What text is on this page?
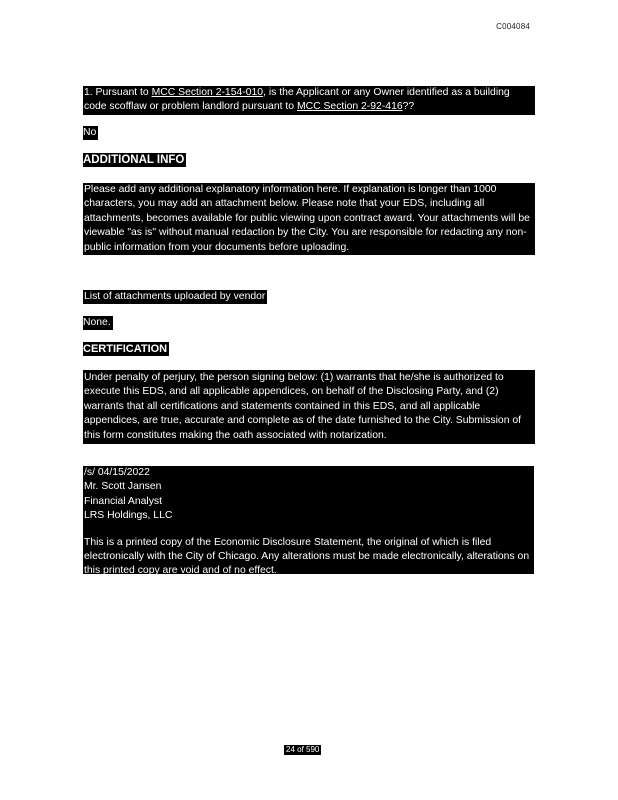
C004084
1. Pursuant to MCC Section 2-154-010, is the Applicant or any Owner identified as a building code scofflaw or problem landlord pursuant to MCC Section 2-92-416??
No
ADDITIONAL INFO
Please add any additional explanatory information here. If explanation is longer than 1000 characters, you may add an attachment below. Please note that your EDS, including all attachments, becomes available for public viewing upon contract award. Your attachments will be viewable "as is" without manual redaction by the City. You are responsible for redacting any non-public information from your documents before uploading.
List of attachments uploaded by vendor
None.
CERTIFICATION
Under penalty of perjury, the person signing below: (1) warrants that he/she is authorized to execute this EDS, and all applicable appendices, on behalf of the Disclosing Party, and (2) warrants that all certifications and statements contained in this EDS, and all applicable appendices, are true, accurate and complete as of the date furnished to the City. Submission of this form constitutes making the oath associated with notarization.
/s/ 04/15/2022
Mr. Scott Jansen
Financial Analyst
LRS Holdings, LLC
This is a printed copy of the Economic Disclosure Statement, the original of which is filed electronically with the City of Chicago. Any alterations must be made electronically, alterations on this printed copy are void and of no effect.
24 of 590
